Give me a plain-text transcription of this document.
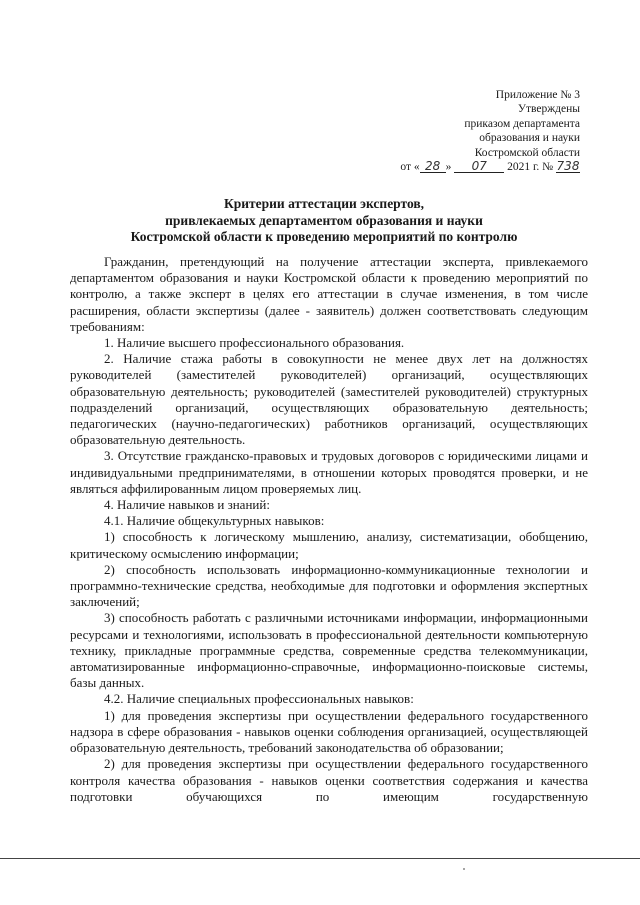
Приложение № 3
Утверждены
приказом департамента
образования и науки
Костромской области
от « 28 » 07 2021 г. № 738
Критерии аттестации экспертов,
привлекаемых департаментом образования и науки
Костромской области к проведению мероприятий по контролю

Гражданин, претендующий на получение аттестации эксперта, привлекаемого департаментом образования и науки Костромской области к проведению мероприятий по контролю, а также эксперт в целях его аттестации в случае изменения, в том числе расширения, области экспертизы (далее - заявитель) должен соответствовать следующим требованиям:

1. Наличие высшего профессионального образования.

2. Наличие стажа работы в совокупности не менее двух лет на должностях руководителей (заместителей руководителей) организаций, осуществляющих образовательную деятельность; руководителей (заместителей руководителей) структурных подразделений организаций, осуществляющих образовательную деятельность; педагогических (научно-педагогических) работников организаций, осуществляющих образовательную деятельность.

3. Отсутствие гражданско-правовых и трудовых договоров с юридическими лицами и индивидуальными предпринимателями, в отношении которых проводятся проверки, и не являться аффилированным лицом проверяемых лиц.

4. Наличие навыков и знаний:

4.1. Наличие общекультурных навыков:

1) способность к логическому мышлению, анализу, систематизации, обобщению, критическому осмыслению информации;

2) способность использовать информационно-коммуникационные технологии и программно-технические средства, необходимые для подготовки и оформления экспертных заключений;

3) способность работать с различными источниками информации, информационными ресурсами и технологиями, использовать в профессиональной деятельности компьютерную технику, прикладные программные средства, современные средства телекоммуникации, автоматизированные информационно-справочные, информационно-поисковые системы, базы данных.

4.2. Наличие специальных профессиональных навыков:

1) для проведения экспертизы при осуществлении федерального государственного надзора в сфере образования - навыков оценки соблюдения организацией, осуществляющей образовательную деятельность, требований законодательства об образовании;

2) для проведения экспертизы при осуществлении федерального государственного контроля качества образования - навыков оценки соответствия содержания и качества подготовки обучающихся по имеющим государственную
